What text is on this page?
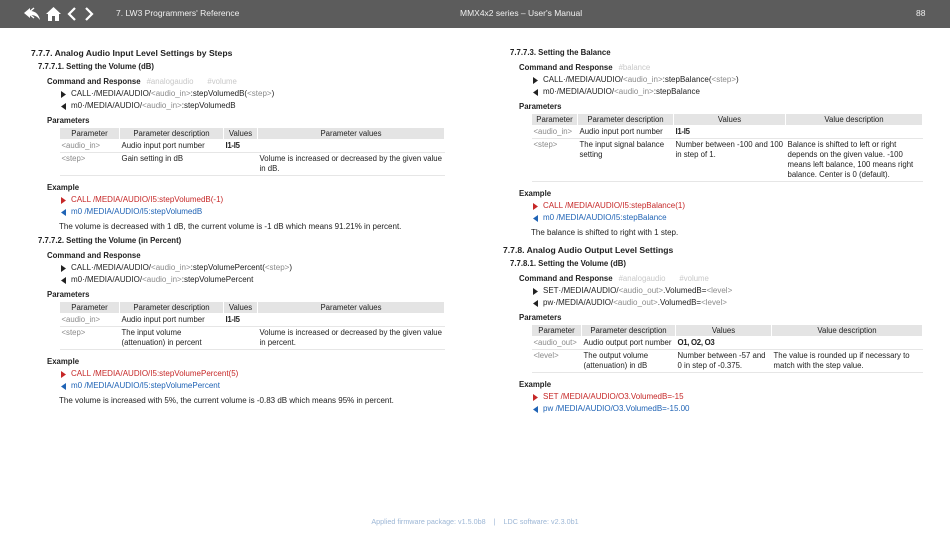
7. LW3 Programmers' Reference	MMX4x2 series – User's Manual	88
7.7.7. Analog Audio Input Level Settings by Steps
7.7.7.1. Setting the Volume (dB)
Command and Response #analogaudio #volume
CALL·/MEDIA/AUDIO/ <audio_in> :stepVolumedB( <step> )
m0·/MEDIA/AUDIO/ <audio_in> :stepVolumedB
Parameters
Parameter	Parameter description	Values	Parameter values
<audio_in>	Audio input port number	I1-I5	
<step>	Gain setting in dB		Volume is increased or decreased by the given value in dB.
Example
CALL /MEDIA/AUDIO/I5:stepVolumedB(-1)
m0 /MEDIA/AUDIO/I5:stepVolumedB
The volume is decreased with 1 dB, the current volume is -1 dB which means 91.21% in percent.
7.7.7.2. Setting the Volume (in Percent)
Command and Response
CALL·/MEDIA/AUDIO/ <audio_in> :stepVolumePercent( <step> )
m0·/MEDIA/AUDIO/ <audio_in> :stepVolumePercent
Parameters
Parameter	Parameter description	Values	Parameter values
<audio_in>	Audio input port number	I1-I5	
<step>	The input volume (attenuation) in percent		Volume is increased or decreased by the given value in percent.
Example
CALL /MEDIA/AUDIO/I5:stepVolumePercent(5)
m0 /MEDIA/AUDIO/I5:stepVolumePercent
The volume is increased with 5%, the current volume is -0.83 dB which means 95% in percent.
7.7.7.3. Setting the Balance
Command and Response #balance
CALL·/MEDIA/AUDIO/ <audio_in> :stepBalance( <step> )
m0·/MEDIA/AUDIO/ <audio_in> :stepBalance
Parameters
Parameter	Parameter description	Values	Value description
<audio_in>	Audio input port number	I1-I5	
<step>	The input signal balance setting	Number between -100 and 100 in step of 1.	Balance is shifted to left or right depends on the given value. -100 means left balance, 100 means right balance. Center is 0 (default).
Example
CALL /MEDIA/AUDIO/I5:stepBalance(1)
m0 /MEDIA/AUDIO/I5:stepBalance
The balance is shifted to right with 1 step.
7.7.8. Analog Audio Output Level Settings
7.7.8.1. Setting the Volume (dB)
Command and Response #analogaudio #volume
SET·/MEDIA/AUDIO/ <audio_out> .VolumedB= <level>
pw·/MEDIA/AUDIO/ <audio_out> .VolumedB= <level>
Parameters
Parameter	Parameter description	Values	Value description
<audio_out>	Audio output port number	O1, O2, O3	
<level>	The output volume (attenuation) in dB	Number between -57 and 0 in step of -0.375.	The value is rounded up if necessary to match with the step value.
Example
SET /MEDIA/AUDIO/O3.VolumedB=-15
pw /MEDIA/AUDIO/O3.VolumedB=-15.00
Applied firmware package: v1.5.0b8 | LDC software: v2.3.0b1
